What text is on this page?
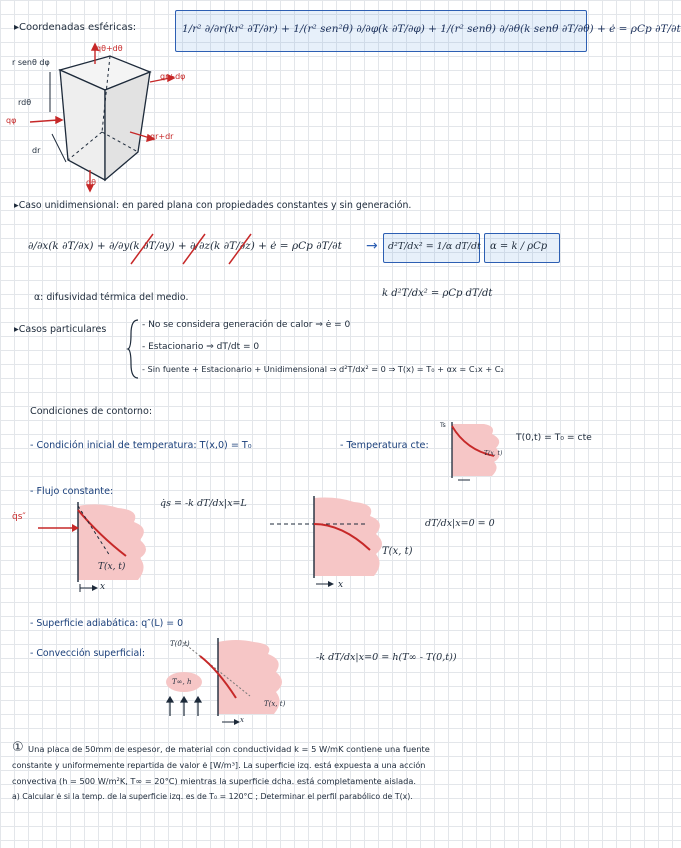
▸ Coordenadas esféricas:	1/r² ∂/∂r(kr² ∂T/∂r) + 1/(r² sen²θ) ∂/∂φ(k ∂T/∂φ) + 1/(r² senθ) ∂/∂θ(k senθ ∂T/∂θ) + ė = ρCp ∂T/∂t
qθ+dθ
r senθ dφ
qr+dφ
rdθ
qφ
qr+dr
dr
qθ
▸ Caso unidimensional: en pared plana con propiedades constantes y sin generación.
∂/∂x(k ∂T/∂x) + ∂/∂y(k ∂T/∂y) + ∂/∂z(k ∂T/∂z) + ė = ρCp ∂T/∂t → d²T/dx² = 1/α dT/dt α = k / ρCp
α: difusividad térmica del medio.	k d²T/dx² = ρCp dT/dt
▸ Casos particulares	- No se considera generación de calor ⇒ ė = 0
- Estacionario ⇒ dT/dt = 0
- Sin fuente + Estacionario + Unidimensional ⇒ d²T/dx² = 0 ⇒ T(x) = T₀ + αx = C₁x + C₂
Condiciones de contorno:
- Condición inicial de temperatura: T(x,0) = T₀	- Temperatura cte:
Ts
T(x, t)
T(0,t) = T₀ = cte
- Flujo constante:
q̇s = -k dT/dx|x=L
q̇s″
T(x, t)
x
T(x, t)
x
dT/dx|x=0 = 0
- Superficie adiabática: q″(L) = 0
- Convección superficial:
T(0,t)
T∞, h
T(x, t)
x
-k dT/dx|x=0 = h(T∞ - T(0,t))
① Una placa de 50mm de espesor, de material con conductividad k = 5 W/mK contiene una fuente
constante y uniformemente repartida de valor ė [W/m³]. La superficie izq. está expuesta a una acción
convectiva (h = 500 W/m²K, T∞ = 20°C) mientras la superficie dcha. está completamente aislada.
a) Calcular ė si la temp. de la superficie izq. es de T₀ = 120°C ; Determinar el perfil parabólico de T(x).
